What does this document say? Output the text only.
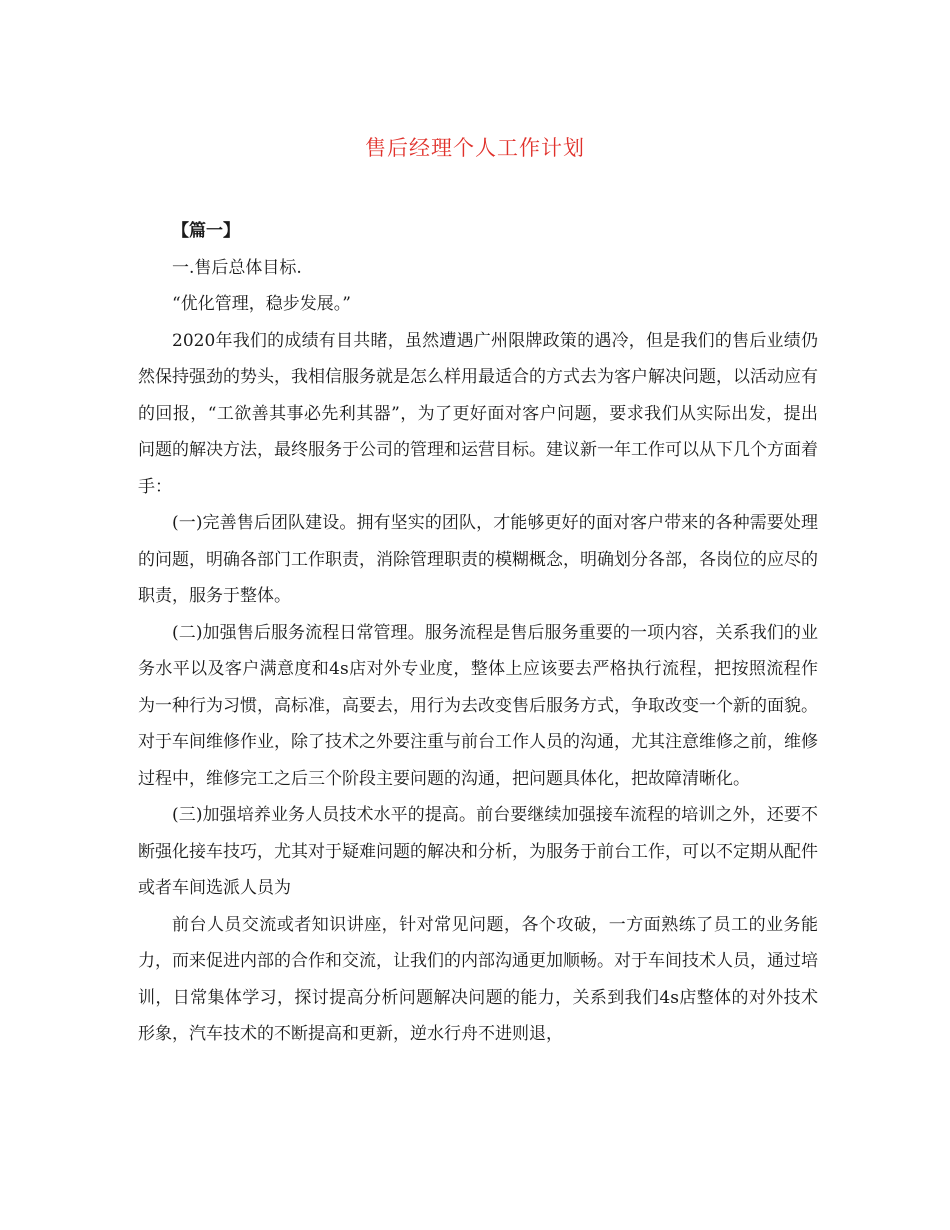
售后经理个人工作计划

【篇一】

一.售后总体目标.

“优化管理，稳步发展。”

2020年我们的成绩有目共睹，虽然遭遇广州限牌政策的遇冷，但是我们的售后业绩仍然保持强劲的势头，我相信服务就是怎么样用最适合的方式去为客户解决问题，以活动应有的回报，“工欲善其事必先利其器”，为了更好面对客户问题，要求我们从实际出发，提出问题的解决方法，最终服务于公司的管理和运营目标。建议新一年工作可以从下几个方面着手：

(一)完善售后团队建设。拥有坚实的团队，才能够更好的面对客户带来的各种需要处理的问题，明确各部门工作职责，消除管理职责的模糊概念，明确划分各部，各岗位的应尽的职责，服务于整体。

(二)加强售后服务流程日常管理。服务流程是售后服务重要的一项内容，关系我们的业务水平以及客户满意度和4s店对外专业度，整体上应该要去严格执行流程，把按照流程作为一种行为习惯，高标准，高要去，用行为去改变售后服务方式，争取改变一个新的面貌。对于车间维修作业，除了技术之外要注重与前台工作人员的沟通，尤其注意维修之前，维修过程中，维修完工之后三个阶段主要问题的沟通，把问题具体化，把故障清晰化。

(三)加强培养业务人员技术水平的提高。前台要继续加强接车流程的培训之外，还要不断强化接车技巧，尤其对于疑难问题的解决和分析，为服务于前台工作，可以不定期从配件或者车间选派人员为

前台人员交流或者知识讲座，针对常见问题，各个攻破，一方面熟练了员工的业务能力，而来促进内部的合作和交流，让我们的内部沟通更加顺畅。对于车间技术人员，通过培训，日常集体学习，探讨提高分析问题解决问题的能力，关系到我们4s店整体的对外技术形象，汽车技术的不断提高和更新，逆水行舟不进则退，
